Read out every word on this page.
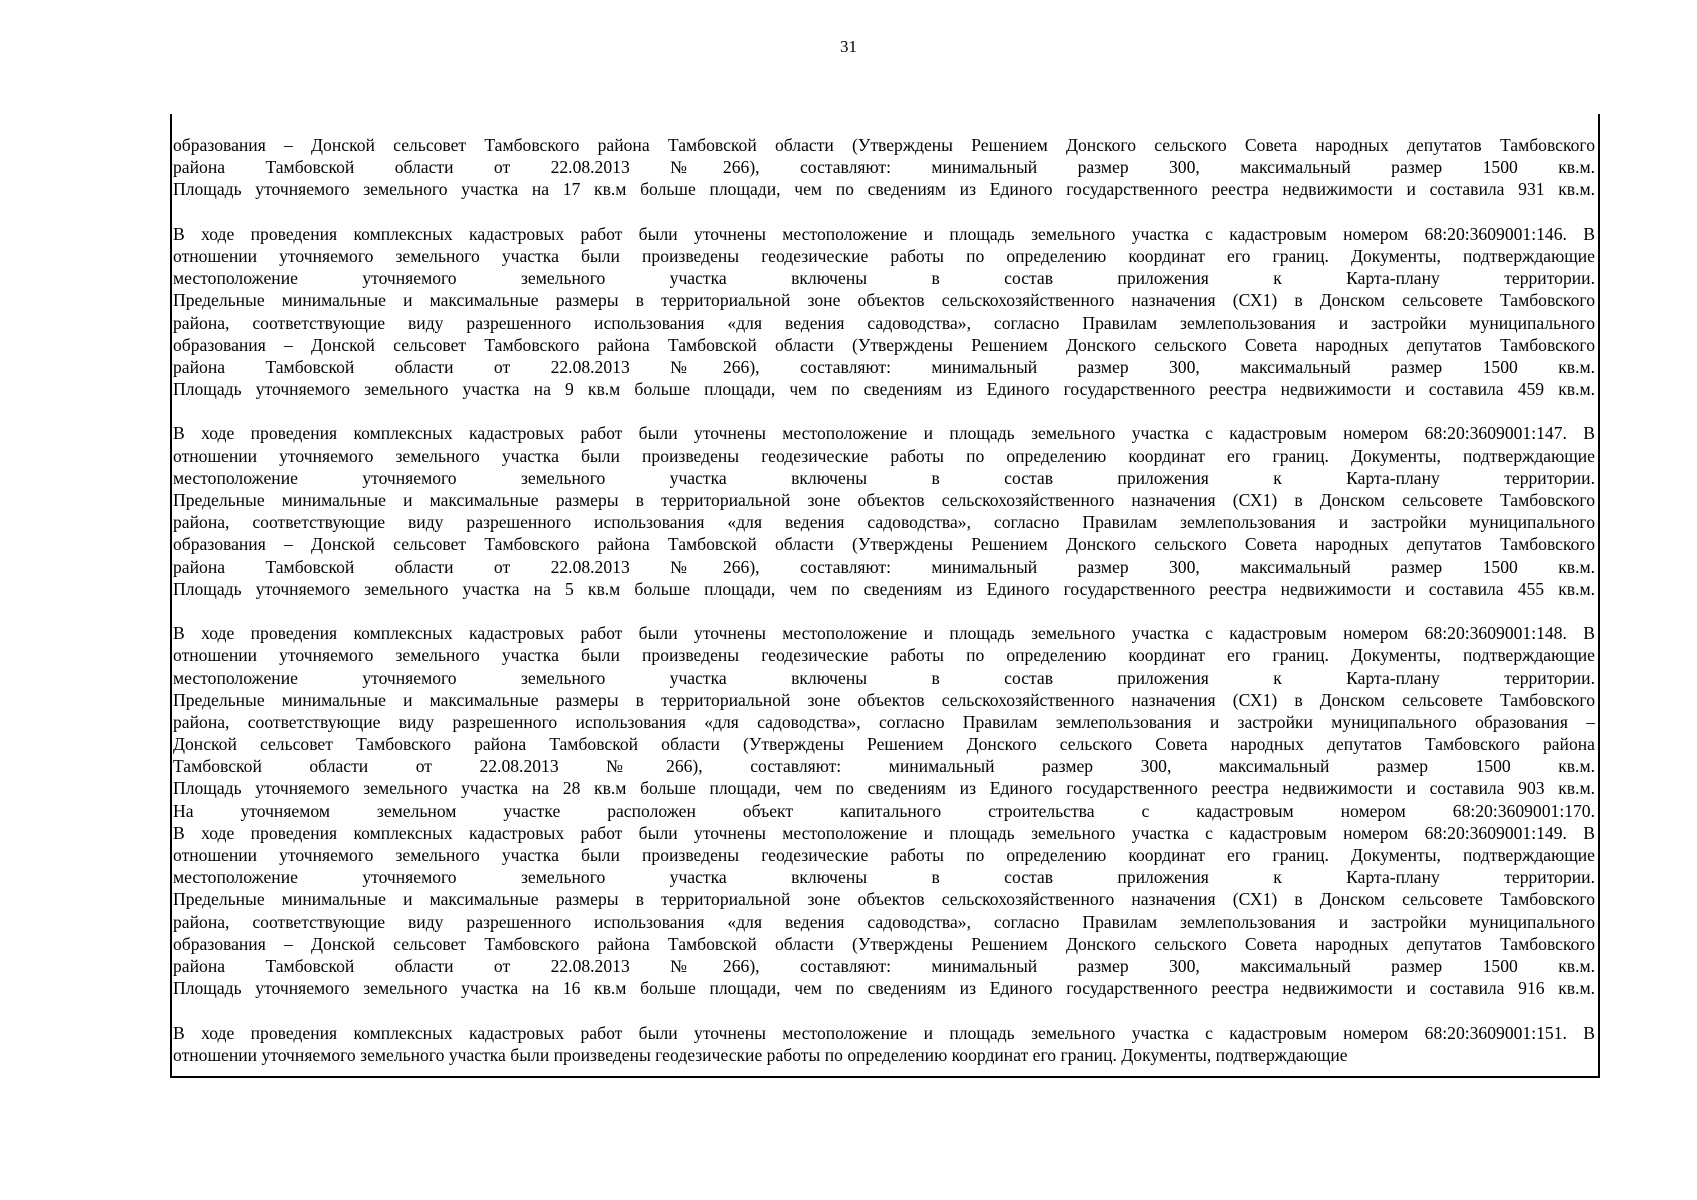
31
образования – Донской сельсовет Тамбовского района Тамбовской области (Утверждены Решением Донского сельского Совета народных депутатов Тамбовского
района Тамбовской области от 22.08.2013 №266), составляют: минимальный размер 300, максимальный размер 1500 кв.м.
Площадь уточняемого земельного участка на 17 кв.м больше площади, чем по сведениям из Единого государственного реестра недвижимости и составила 931 кв.м.
В ходе проведения комплексных кадастровых работ были уточнены местоположение и площадь земельного участка с кадастровым номером 68:20:3609001:146. В
отношении уточняемого земельного участка были произведены геодезические работы по определению координат его границ. Документы, подтверждающие
местоположение уточняемого земельного участка включены в состав приложения к Карта-плану территории.
Предельные минимальные и максимальные размеры в территориальной зоне объектов сельскохозяйственного назначения (СХ1) в Донском сельсовете Тамбовского
района, соответствующие виду разрешенного использования «для ведения садоводства», согласно Правилам землепользования и застройки муниципального
образования – Донской сельсовет Тамбовского района Тамбовской области (Утверждены Решением Донского сельского Совета народных депутатов Тамбовского
района Тамбовской области от 22.08.2013 №266), составляют: минимальный размер 300, максимальный размер 1500 кв.м.
Площадь уточняемого земельного участка на 9 кв.м больше площади, чем по сведениям из Единого государственного реестра недвижимости и составила 459 кв.м.
В ходе проведения комплексных кадастровых работ были уточнены местоположение и площадь земельного участка с кадастровым номером 68:20:3609001:147. В
отношении уточняемого земельного участка были произведены геодезические работы по определению координат его границ. Документы, подтверждающие
местоположение уточняемого земельного участка включены в состав приложения к Карта-плану территории.
Предельные минимальные и максимальные размеры в территориальной зоне объектов сельскохозяйственного назначения (СХ1) в Донском сельсовете Тамбовского
района, соответствующие виду разрешенного использования «для ведения садоводства», согласно Правилам землепользования и застройки муниципального
образования – Донской сельсовет Тамбовского района Тамбовской области (Утверждены Решением Донского сельского Совета народных депутатов Тамбовского
района Тамбовской области от 22.08.2013 №266), составляют: минимальный размер 300, максимальный размер 1500 кв.м.
Площадь уточняемого земельного участка на 5 кв.м больше площади, чем по сведениям из Единого государственного реестра недвижимости и составила 455 кв.м.
В ходе проведения комплексных кадастровых работ были уточнены местоположение и площадь земельного участка с кадастровым номером 68:20:3609001:148. В
отношении уточняемого земельного участка были произведены геодезические работы по определению координат его границ. Документы, подтверждающие
местоположение уточняемого земельного участка включены в состав приложения к Карта-плану территории.
Предельные минимальные и максимальные размеры в территориальной зоне объектов сельскохозяйственного назначения (СХ1) в Донском сельсовете Тамбовского
района, соответствующие виду разрешенного использования «для садоводства», согласно Правилам землепользования и застройки муниципального образования –
Донской сельсовет Тамбовского района Тамбовской области (Утверждены Решением Донского сельского Совета народных депутатов Тамбовского района
Тамбовской области от 22.08.2013 №266), составляют: минимальный размер 300, максимальный размер 1500 кв.м.
Площадь уточняемого земельного участка на 28 кв.м больше площади, чем по сведениям из Единого государственного реестра недвижимости и составила 903 кв.м.
На уточняемом земельном участке расположен объект капитального строительства с кадастровым номером 68:20:3609001:170.
В ходе проведения комплексных кадастровых работ были уточнены местоположение и площадь земельного участка с кадастровым номером 68:20:3609001:149. В
отношении уточняемого земельного участка были произведены геодезические работы по определению координат его границ. Документы, подтверждающие
местоположение уточняемого земельного участка включены в состав приложения к Карта-плану территории.
Предельные минимальные и максимальные размеры в территориальной зоне объектов сельскохозяйственного назначения (СХ1) в Донском сельсовете Тамбовского
района, соответствующие виду разрешенного использования «для ведения садоводства», согласно Правилам землепользования и застройки муниципального
образования – Донской сельсовет Тамбовского района Тамбовской области (Утверждены Решением Донского сельского Совета народных депутатов Тамбовского
района Тамбовской области от 22.08.2013 №266), составляют: минимальный размер 300, максимальный размер 1500 кв.м.
Площадь уточняемого земельного участка на 16 кв.м больше площади, чем по сведениям из Единого государственного реестра недвижимости и составила 916 кв.м.
В ходе проведения комплексных кадастровых работ были уточнены местоположение и площадь земельного участка с кадастровым номером 68:20:3609001:151. В
отношении уточняемого земельного участка были произведены геодезические работы по определению координат его границ. Документы, подтверждающие
